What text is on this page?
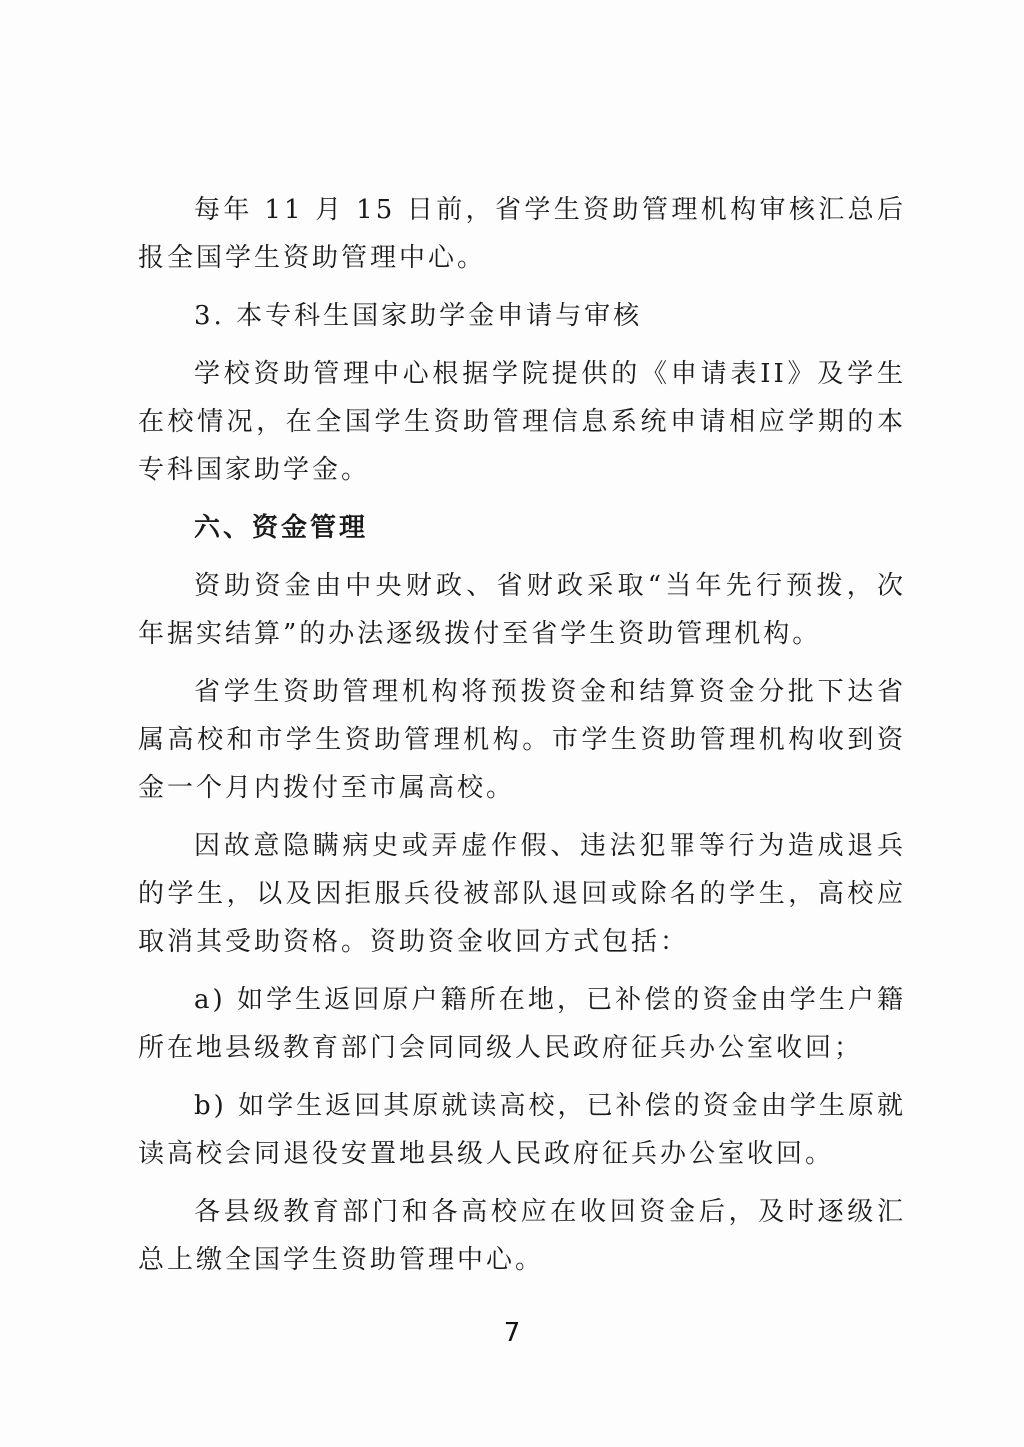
每年 11 月 15 日前，省学生资助管理机构审核汇总后报全国学生资助管理中心。

3. 本专科生国家助学金申请与审核

学校资助管理中心根据学院提供的《申请表II》及学生在校情况，在全国学生资助管理信息系统申请相应学期的本专科国家助学金。

六、资金管理

资助资金由中央财政、省财政采取“当年先行预拨，次年据实结算”的办法逐级拨付至省学生资助管理机构。

省学生资助管理机构将预拨资金和结算资金分批下达省属高校和市学生资助管理机构。市学生资助管理机构收到资金一个月内拨付至市属高校。

因故意隐瞒病史或弄虚作假、违法犯罪等行为造成退兵的学生，以及因拒服兵役被部队退回或除名的学生，高校应取消其受助资格。资助资金收回方式包括：

a) 如学生返回原户籍所在地，已补偿的资金由学生户籍所在地县级教育部门会同同级人民政府征兵办公室收回；

b) 如学生返回其原就读高校，已补偿的资金由学生原就读高校会同退役安置地县级人民政府征兵办公室收回。

各县级教育部门和各高校应在收回资金后，及时逐级汇总上缴全国学生资助管理中心。

7
